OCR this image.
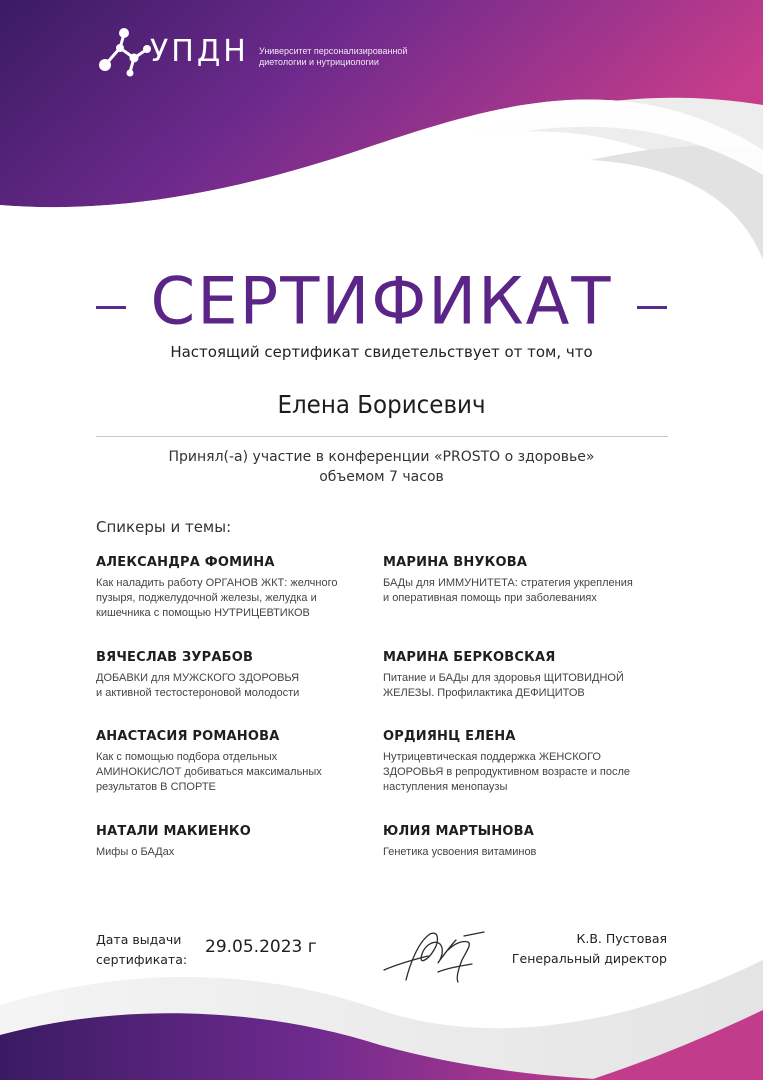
УПДН Университет персонализированной
диетологии и нутрициологии
СЕРТИФИКАТ
Настоящий сертификат свидетельствует от том, что
Елена Борисевич
Принял(-а) участие в конференции «PROSTO о здоровье»
объемом 7 часов
Спикеры и темы:
АЛЕКСАНДРА ФОМИНА
Как наладить работу ОРГАНОВ ЖКТ: желчного
пузыря, поджелудочной железы, желудка и
кишечника с помощью НУТРИЦЕВТИКОВ
МАРИНА ВНУКОВА
БАДы для ИММУНИТЕТА: стратегия укрепления
и оперативная помощь при заболеваниях
ВЯЧЕСЛАВ ЗУРАБОВ
ДОБАВКИ для МУЖСКОГО ЗДОРОВЬЯ
и активной тестостероновой молодости
МАРИНА БЕРКОВСКАЯ
Питание и БАДы для здоровья ЩИТОВИДНОЙ
ЖЕЛЕЗЫ. Профилактика ДЕФИЦИТОВ
АНАСТАСИЯ РОМАНОВА
Как с помощью подбора отдельных
АМИНОКИСЛОТ добиваться максимальных
результатов В СПОРТЕ
ОРДИЯНЦ ЕЛЕНА
Нутрицевтическая поддержка ЖЕНСКОГО
ЗДОРОВЬЯ в репродуктивном возрасте и после
наступления менопаузы
НАТАЛИ МАКИЕНКО
Мифы о БАДах
ЮЛИЯ МАРТЫНОВА
Генетика усвоения витаминов
Дата выдачи
сертификата:
29.05.2023 г	К.В. Пустовая
Генеральный директор
